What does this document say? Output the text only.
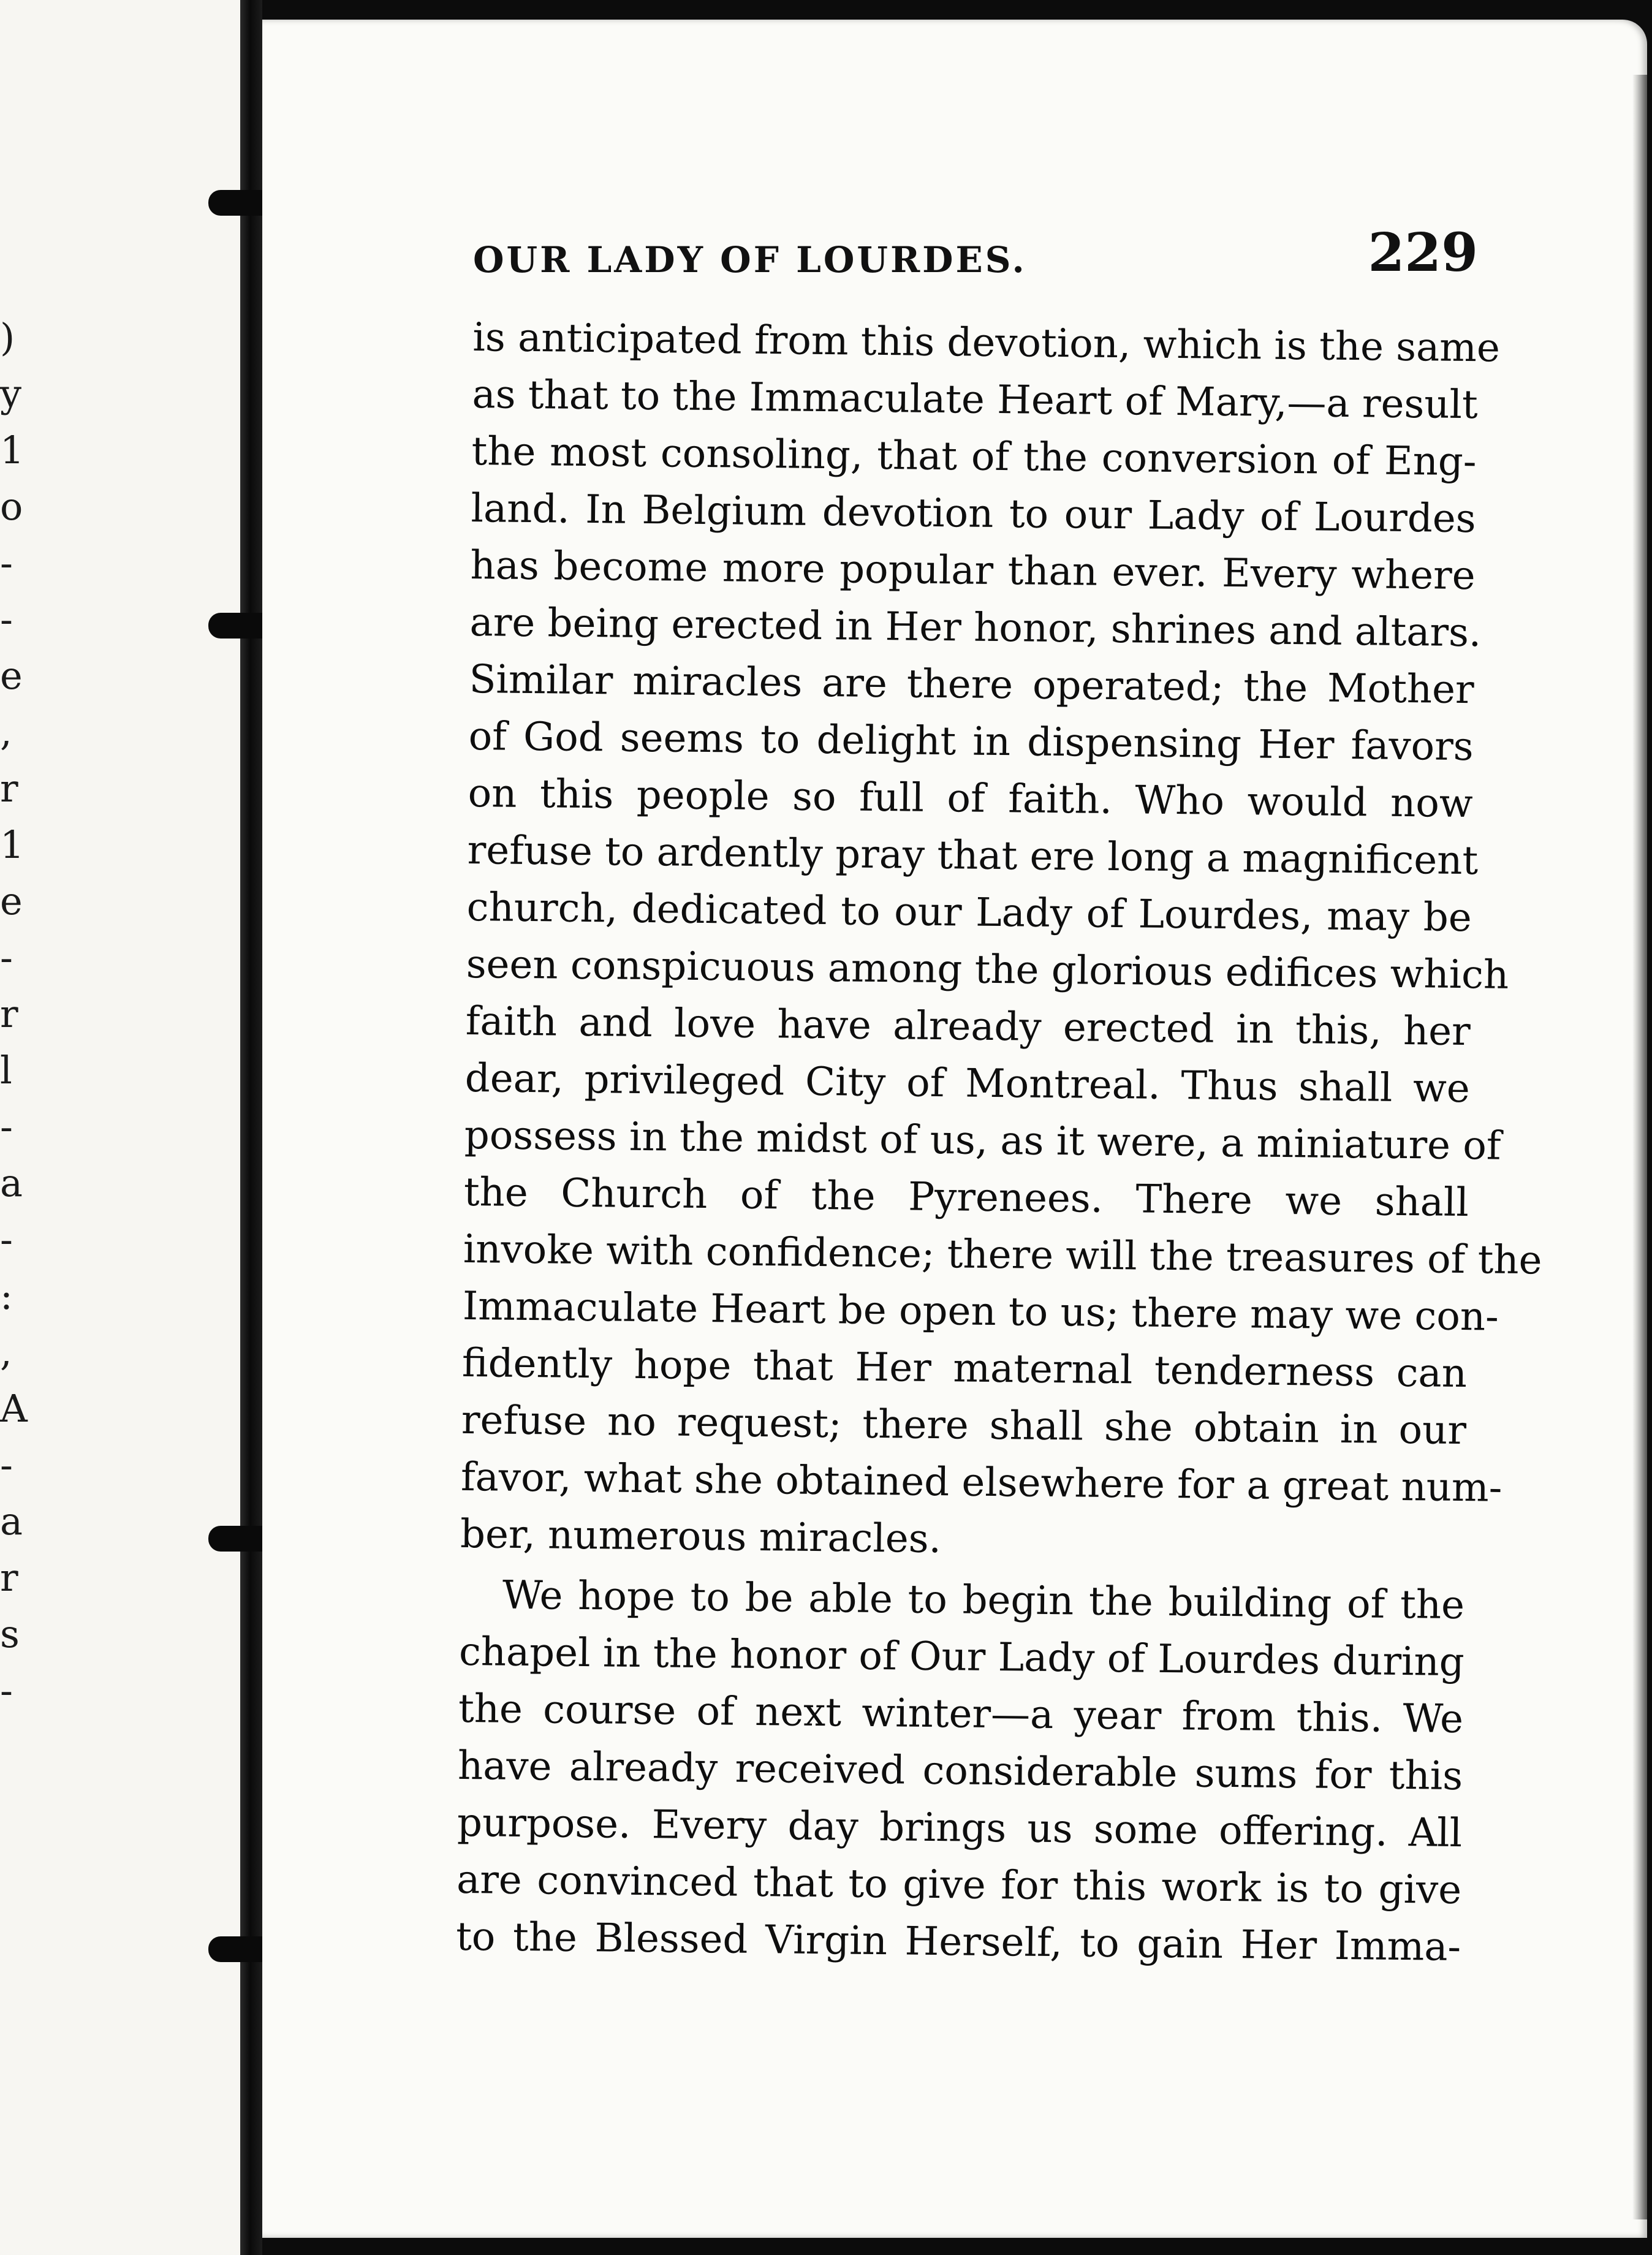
)
y
1
o
-
-
e
,
r
1
e
-
r
l
-
a
-
:
,
A
-
a
r
s
-
OUR LADY OF LOURDES.	229
is anticipated from this devotion, which is the same
as that to the Immaculate Heart of Mary,—a result
the most consoling, that of the conversion of Eng-
land. In Belgium devotion to our Lady of Lourdes
has become more popular than ever. Every where
are being erected in Her honor, shrines and altars.
Similar miracles are there operated; the Mother
of God seems to delight in dispensing Her favors
on this people so full of faith. Who would now
refuse to ardently pray that ere long a magnificent
church, dedicated to our Lady of Lourdes, may be
seen conspicuous among the glorious edifices which
faith and love have already erected in this, her
dear, privileged City of Montreal. Thus shall we
possess in the midst of us, as it were, a miniature of
the Church of the Pyrenees. There we shall
invoke with confidence; there will the treasures of the
Immaculate Heart be open to us; there may we con-
fidently hope that Her maternal tenderness can
refuse no request; there shall she obtain in our
favor, what she obtained elsewhere for a great num-
ber, numerous miracles.
We hope to be able to begin the building of the
chapel in the honor of Our Lady of Lourdes during
the course of next winter—a year from this. We
have already received considerable sums for this
purpose. Every day brings us some offering. All
are convinced that to give for this work is to give
to the Blessed Virgin Herself, to gain Her Imma-
